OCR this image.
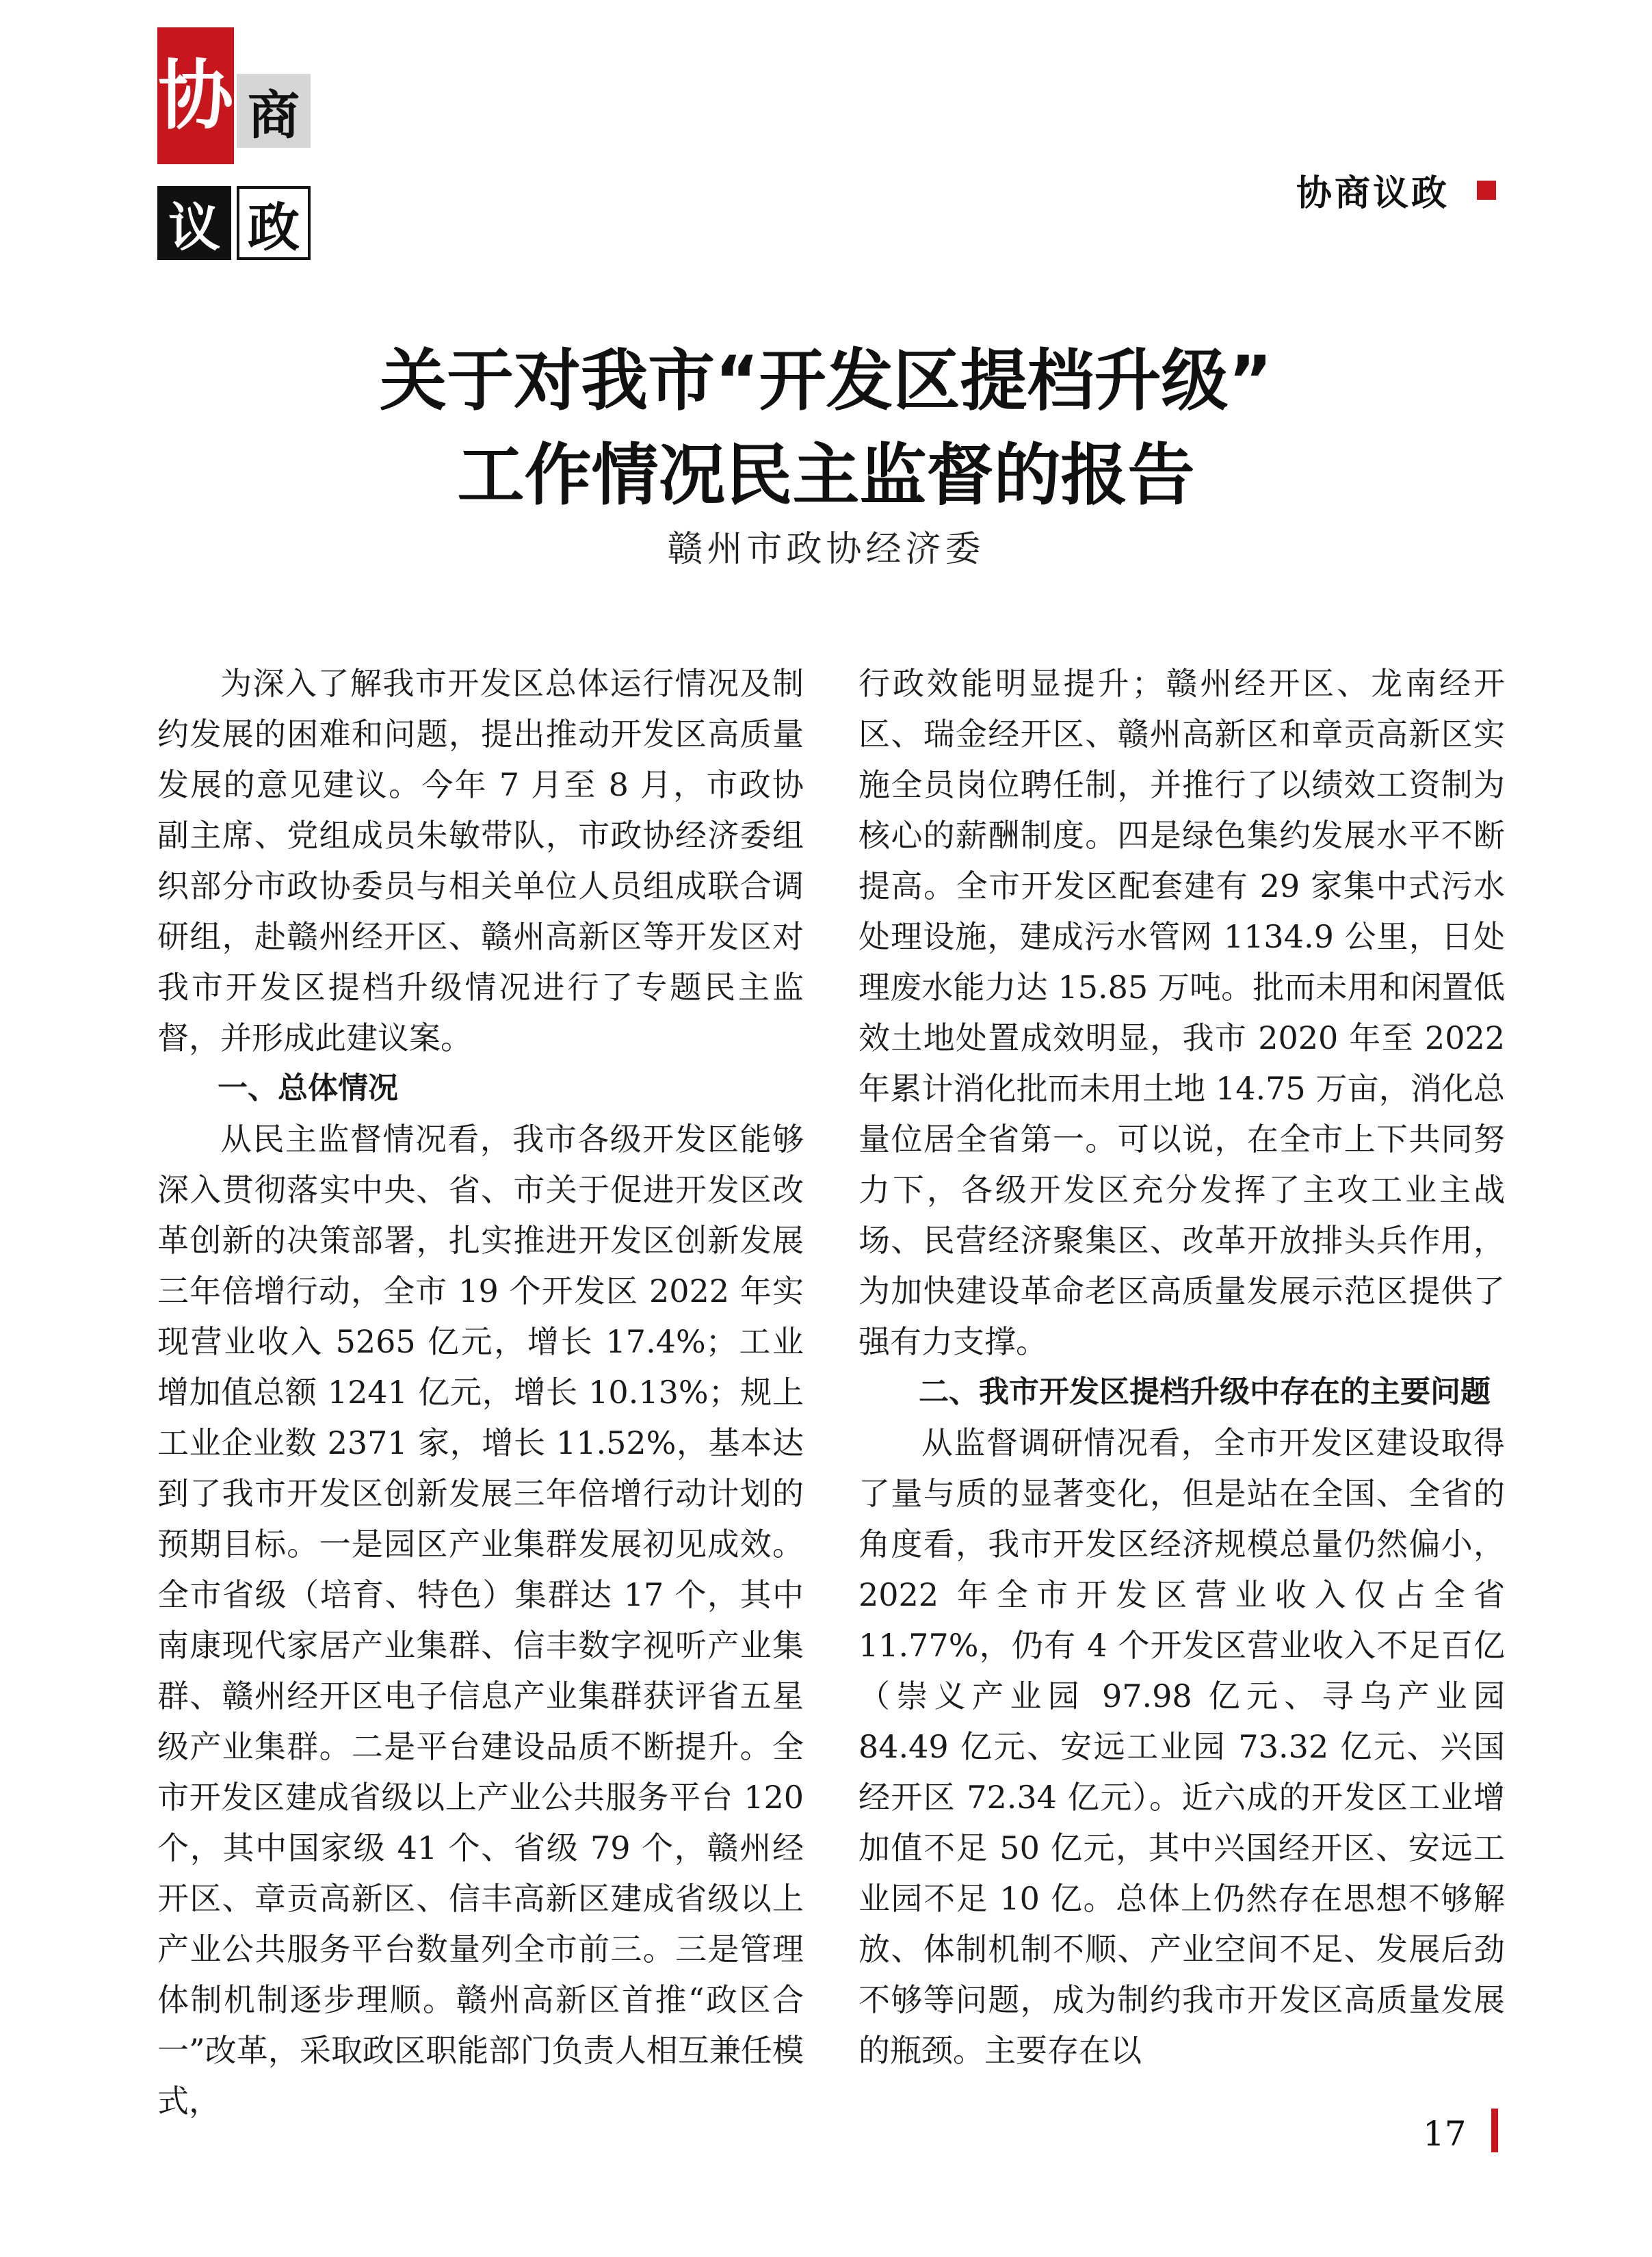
协 商
议 政
协商议政
关于对我市“开发区提档升级”
工作情况民主监督的报告
赣州市政协经济委

为深入了解我市开发区总体运行情况及制约发展的困难和问题，提出推动开发区高质量发展的意见建议。今年 7 月至 8 月，市政协副主席、党组成员朱敏带队，市政协经济委组织部分市政协委员与相关单位人员组成联合调研组，赴赣州经开区、赣州高新区等开发区对我市开发区提档升级情况进行了专题民主监督，并形成此建议案。

一、总体情况

从民主监督情况看，我市各级开发区能够深入贯彻落实中央、省、市关于促进开发区改革创新的决策部署，扎实推进开发区创新发展三年倍增行动，全市 19 个开发区 2022 年实现营业收入 5265 亿元，增长 17.4%；工业增加值总额 1241 亿元，增长 10.13%；规上工业企业数 2371 家，增长 11.52%，基本达到了我市开发区创新发展三年倍增行动计划的预期目标。一是园区产业集群发展初见成效。全市省级（培育、特色）集群达 17 个，其中南康现代家居产业集群、信丰数字视听产业集群、赣州经开区电子信息产业集群获评省五星级产业集群。二是平台建设品质不断提升。全市开发区建成省级以上产业公共服务平台 120 个，其中国家级 41 个、省级 79 个，赣州经开区、章贡高新区、信丰高新区建成省级以上产业公共服务平台数量列全市前三。三是管理体制机制逐步理顺。赣州高新区首推“政区合一”改革，采取政区职能部门负责人相互兼任模式，

行政效能明显提升；赣州经开区、龙南经开区、瑞金经开区、赣州高新区和章贡高新区实施全员岗位聘任制，并推行了以绩效工资制为核心的薪酬制度。四是绿色集约发展水平不断提高。全市开发区配套建有 29 家集中式污水处理设施，建成污水管网 1134.9 公里，日处理废水能力达 15.85 万吨。批而未用和闲置低效土地处置成效明显，我市 2020 年至 2022 年累计消化批而未用土地 14.75 万亩，消化总量位居全省第一。可以说，在全市上下共同努力下，各级开发区充分发挥了主攻工业主战场、民营经济聚集区、改革开放排头兵作用，为加快建设革命老区高质量发展示范区提供了强有力支撑。

二、我市开发区提档升级中存在的主要问题

从监督调研情况看，全市开发区建设取得了量与质的显著变化，但是站在全国、全省的角度看，我市开发区经济规模总量仍然偏小，2022 年全市开发区营业收入仅占全省 11.77%，仍有 4 个开发区营业收入不足百亿（崇义产业园 97.98 亿元、寻乌产业园 84.49 亿元、安远工业园 73.32 亿元、兴国经开区 72.34 亿元）。近六成的开发区工业增加值不足 50 亿元，其中兴国经开区、安远工业园不足 10 亿。总体上仍然存在思想不够解放、体制机制不顺、产业空间不足、发展后劲不够等问题，成为制约我市开发区高质量发展的瓶颈。主要存在以

17
